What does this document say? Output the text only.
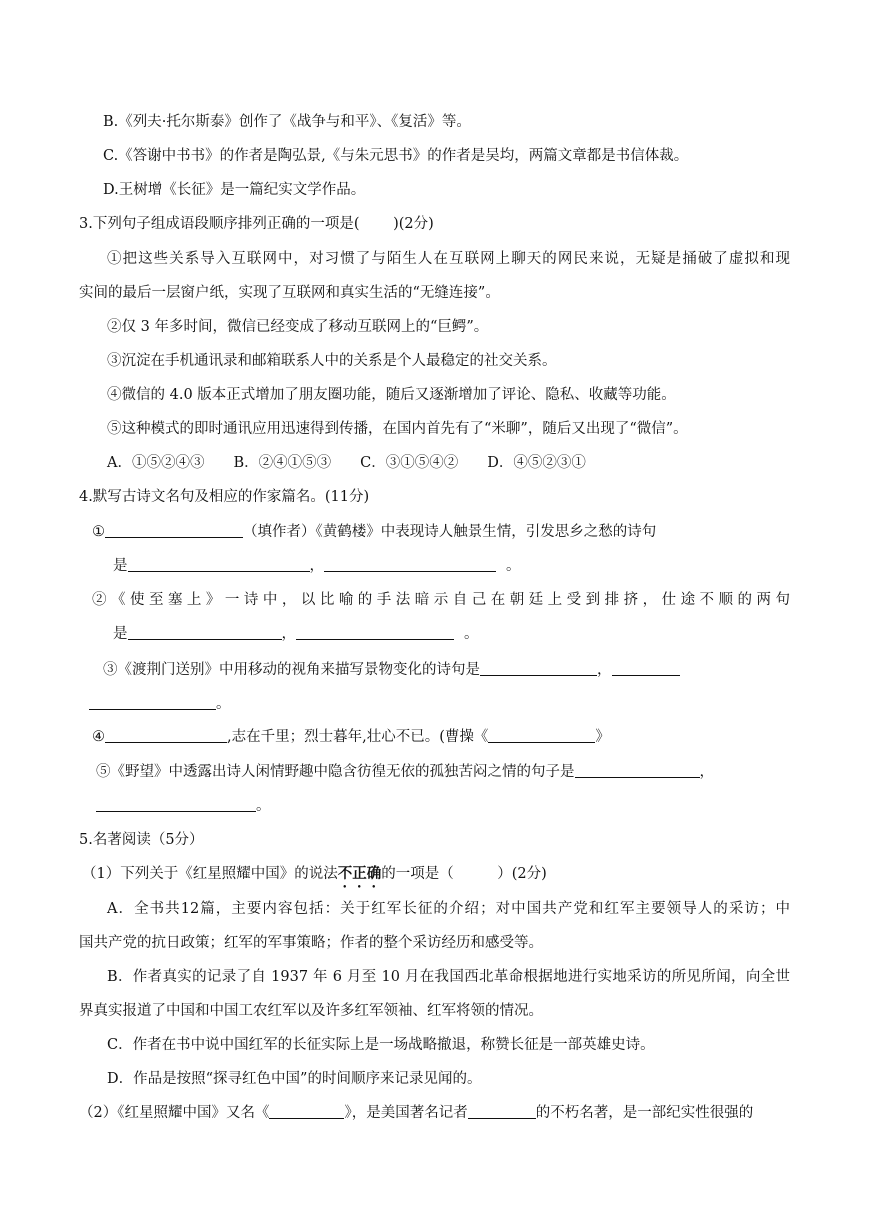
B.《列夫·托尔斯泰》创作了《战争与和平》、《复活》等。
C.《答谢中书书》的作者是陶弘景,《与朱元思书》的作者是吴均，两篇文章都是书信体裁。
D.王树增《长征》是一篇纪实文学作品。
3.下列句子组成语段顺序排列正确的一项是(　　 )(2分)
①把这些关系导入互联网中，对习惯了与陌生人在互联网上聊天的网民来说，无疑是捅破了虚拟和现
实间的最后一层窗户纸，实现了互联网和真实生活的“无缝连接”。
②仅 3 年多时间，微信已经变成了移动互联网上的“巨鳄”。
③沉淀在手机通讯录和邮箱联系人中的关系是个人最稳定的社交关系。
④微信的 4.0 版本正式增加了朋友圈功能，随后又逐渐增加了评论、隐私、收藏等功能。
⑤这种模式的即时通讯应用迅速得到传播，在国内首先有了“米聊”，随后又出现了“微信”。
A．①⑤②④③　　B．②④①⑤③　　C．③①⑤④②　　D．④⑤②③①
4.默写古诗文名句及相应的作家篇名。(11分)
①	（填作者）《黄鹤楼》中表现诗人触景生情，引发思乡之愁的诗句
是	，	。
②《使至塞上》一诗中，以比喻的手法暗示自己在朝廷上受到排挤，仕途不顺的两句
是	，	。
③《渡荆门送别》中用移动的视角来描写景物变化的诗句是	，
。
④	,志在千里；烈士暮年,壮心不已。(曹操《	》
⑤《野望》中透露出诗人闲情野趣中隐含彷徨无依的孤独苦闷之情的句子是	，
。
5.名著阅读（5分）
（1）下列关于《红星照耀中国》的说法不正确的一项是（　　　）(2分)
A．全书共12篇，主要内容包括：关于红军长征的介绍；对中国共产党和红军主要领导人的采访；中
国共产党的抗日政策；红军的军事策略；作者的整个采访经历和感受等。
B．作者真实的记录了自 1937 年 6 月至 10 月在我国西北革命根据地进行实地采访的所见所闻，向全世
界真实报道了中国和中国工农红军以及许多红军领袖、红军将领的情况。
C．作者在书中说中国红军的长征实际上是一场战略撤退，称赞长征是一部英雄史诗。
D．作品是按照“探寻红色中国”的时间顺序来记录见闻的。
（2）《红星照耀中国》又名《	》，是美国著名记者	的不朽名著，是一部纪实性很强的
